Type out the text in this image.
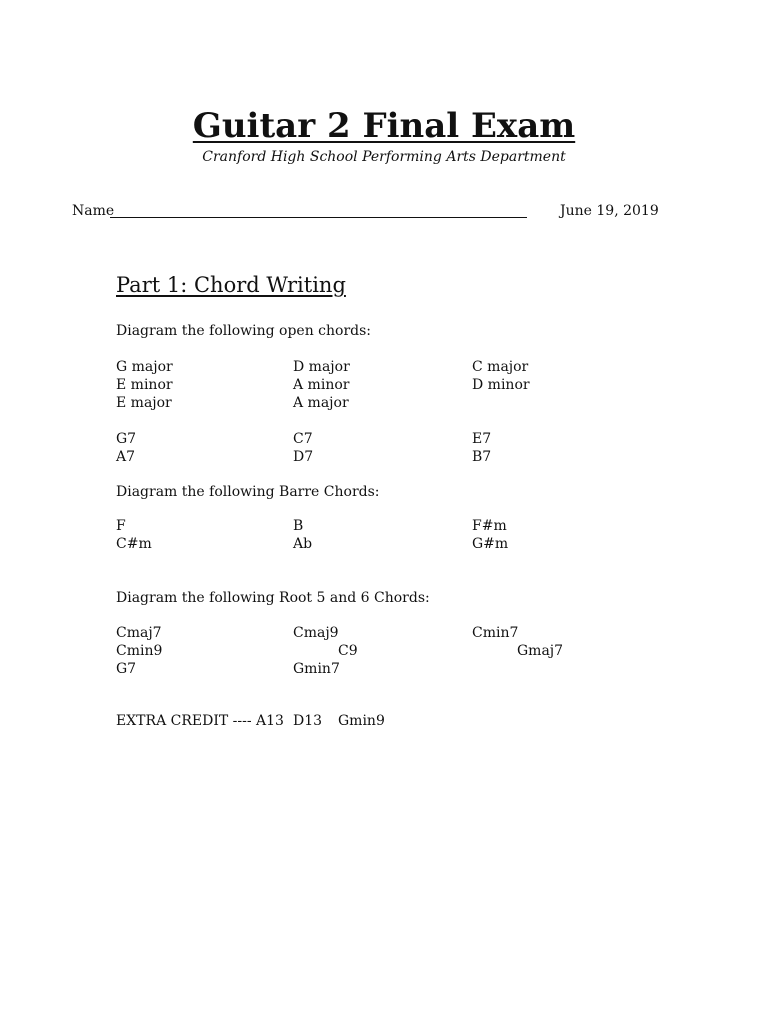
Guitar 2 Final Exam
Cranford High School Performing Arts Department
Name	June 19, 2019
Part 1: Chord Writing
Diagram the following open chords:
G major	D major	C major
E minor	A minor	D minor
E major	A major
G7	C7	E7
A7	D7	B7
Diagram the following Barre Chords:
F	B	F#m
C#m	Ab	G#m
Diagram the following Root 5 and 6 Chords:
Cmaj7	Cmaj9	Cmin7
Cmin9	C9	Gmaj7
G7	Gmin7
EXTRA CREDIT ---- A13 D13 Gmin9
